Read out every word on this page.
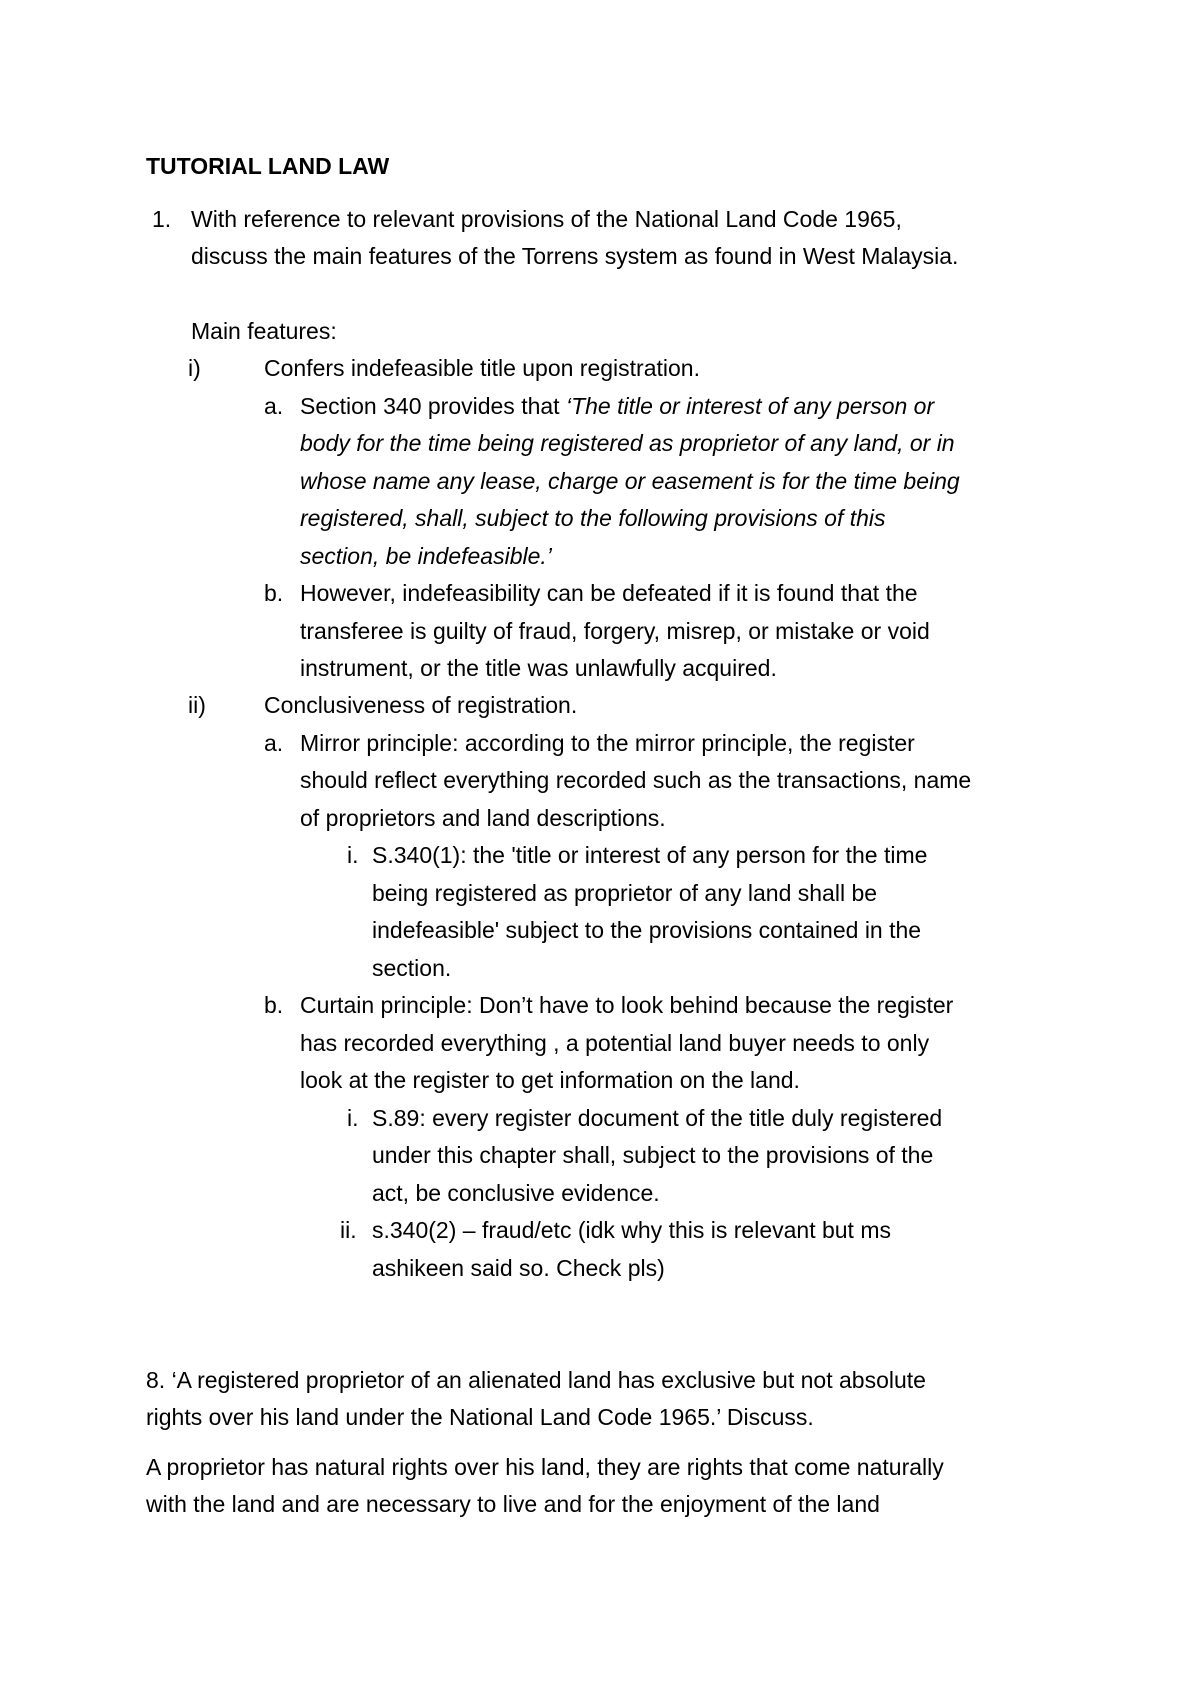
TUTORIAL LAND LAW
1. With reference to relevant provisions of the National Land Code 1965,
discuss the main features of the Torrens system as found in West Malaysia.
Main features:
i)	Confers indefeasible title upon registration.
a. Section 340 provides that ‘The title or interest of any person or
body for the time being registered as proprietor of any land, or in
whose name any lease, charge or easement is for the time being
registered, shall, subject to the following provisions of this
section, be indefeasible.’
b. However, indefeasibility can be defeated if it is found that the
transferee is guilty of fraud, forgery, misrep, or mistake or void
instrument, or the title was unlawfully acquired.
ii)	Conclusiveness of registration.
a. Mirror principle: according to the mirror principle, the register
should reflect everything recorded such as the transactions, name
of proprietors and land descriptions.
i. S.340(1): the 'title or interest of any person for the time
being registered as proprietor of any land shall be
indefeasible' subject to the provisions contained in the
section.
b. Curtain principle: Don’t have to look behind because the register
has recorded everything , a potential land buyer needs to only
look at the register to get information on the land.
i. S.89: every register document of the title duly registered
under this chapter shall, subject to the provisions of the
act, be conclusive evidence.
ii. s.340(2) – fraud/etc (idk why this is relevant but ms
ashikeen said so. Check pls)
8. ‘A registered proprietor of an alienated land has exclusive but not absolute
rights over his land under the National Land Code 1965.’ Discuss.
A proprietor has natural rights over his land, they are rights that come naturally
with the land and are necessary to live and for the enjoyment of the land
